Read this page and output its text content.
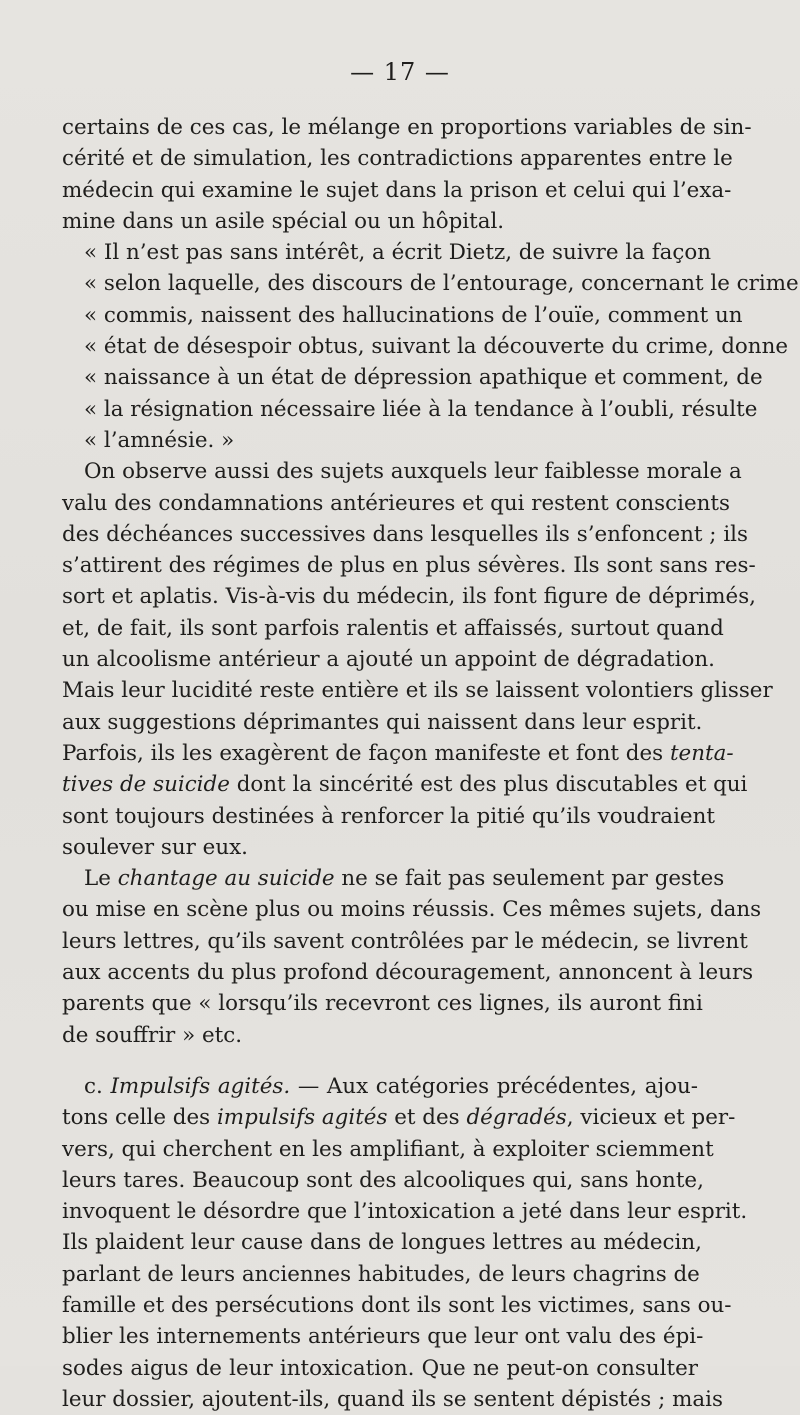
— 17 —
certains de ces cas, le mélange en proportions variables de sin-
cérité et de simulation, les contradictions apparentes entre le
médecin qui examine le sujet dans la prison et celui qui l’exa-
mine dans un asile spécial ou un hôpital.
« Il n’est pas sans intérêt, a écrit Dietz, de suivre la façon
« selon laquelle, des discours de l’entourage, concernant le crime
« commis, naissent des hallucinations de l’ouïe, comment un
« état de désespoir obtus, suivant la découverte du crime, donne
« naissance à un état de dépression apathique et comment, de
« la résignation nécessaire liée à la tendance à l’oubli, résulte
« l’amnésie. »
On observe aussi des sujets auxquels leur faiblesse morale a
valu des condamnations antérieures et qui restent conscients
des déchéances successives dans lesquelles ils s’enfoncent ; ils
s’attirent des régimes de plus en plus sévères. Ils sont sans res-
sort et aplatis. Vis-à-vis du médecin, ils font figure de déprimés,
et, de fait, ils sont parfois ralentis et affaissés, surtout quand
un alcoolisme antérieur a ajouté un appoint de dégradation.
Mais leur lucidité reste entière et ils se laissent volontiers glisser
aux suggestions déprimantes qui naissent dans leur esprit.
Parfois, ils les exagèrent de façon manifeste et font des tenta-
tives de suicide dont la sincérité est des plus discutables et qui
sont toujours destinées à renforcer la pitié qu’ils voudraient
soulever sur eux.
Le chantage au suicide ne se fait pas seulement par gestes
ou mise en scène plus ou moins réussis. Ces mêmes sujets, dans
leurs lettres, qu’ils savent contrôlées par le médecin, se livrent
aux accents du plus profond découragement, annoncent à leurs
parents que « lorsqu’ils recevront ces lignes, ils auront fini
de souffrir » etc.
c. Impulsifs agités. — Aux catégories précédentes, ajou-
tons celle des impulsifs agités et des dégradés, vicieux et per-
vers, qui cherchent en les amplifiant, à exploiter sciemment
leurs tares. Beaucoup sont des alcooliques qui, sans honte,
invoquent le désordre que l’intoxication a jeté dans leur esprit.
Ils plaident leur cause dans de longues lettres au médecin,
parlant de leurs anciennes habitudes, de leurs chagrins de
famille et des persécutions dont ils sont les victimes, sans ou-
blier les internements antérieurs que leur ont valu des épi-
sodes aigus de leur intoxication. Que ne peut-on consulter
leur dossier, ajoutent-ils, quand ils se sentent dépistés ; mais
